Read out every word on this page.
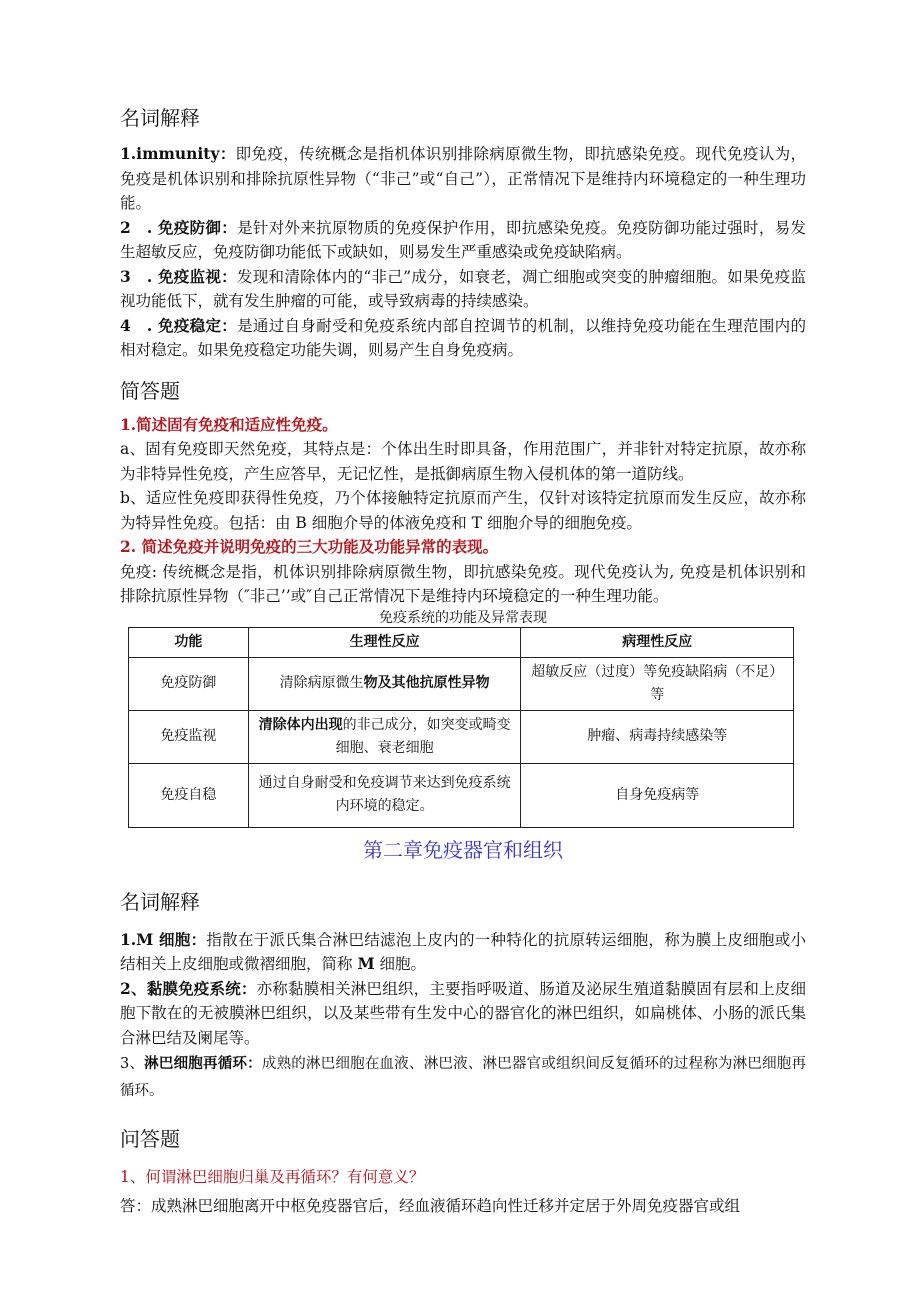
名词解释

1.immunity：即免疫，传统概念是指机体识别排除病原微生物，即抗感染免疫。现代免疫认为，免疫是机体识别和排除抗原性异物（“非己”或“自己”），正常情况下是维持内环境稳定的一种生理功能。

2　. 免疫防御：是针对外来抗原物质的免疫保护作用，即抗感染免疫。免疫防御功能过强时，易发生超敏反应，免疫防御功能低下或缺如，则易发生严重感染或免疫缺陷病。

3　. 免疫监视：发现和清除体内的“非己”成分，如衰老，凋亡细胞或突变的肿瘤细胞。如果免疫监视功能低下，就有发生肿瘤的可能，或导致病毒的持续感染。

4　. 免疫稳定：是通过自身耐受和免疫系统内部自控调节的机制，以维持免疫功能在生理范围内的相对稳定。如果免疫稳定功能失调，则易产生自身免疫病。

简答题

1.简述固有免疫和适应性免疫。

a、固有免疫即天然免疫，其特点是：个体出生时即具备，作用范围广，并非针对特定抗原，故亦称为非特异性免疫，产生应答早，无记忆性，是抵御病原生物入侵机体的第一道防线。

b、适应性免疫即获得性免疫，乃个体接触特定抗原而产生，仅针对该特定抗原而发生反应，故亦称为特异性免疫。包括：由 B 细胞介导的体液免疫和 T 细胞介导的细胞免疫。

2. 简述免疫并说明免疫的三大功能及功能异常的表现。

免疫: 传统概念是指，机体识别排除病原微生物，即抗感染免疫。现代免疫认为, 免疫是机体识别和排除抗原性异物（″非己’’或″自己正常情况下是维持内环境稳定的一种生理功能。

免疫系统的功能及异常表现
功能	生理性反应	病理性反应
免疫防御	清除病原微生物及其他抗原性异物	超敏反应（过度）等免疫缺陷病（不足）等
免疫监视	清除体内出现的非己成分，如突变或畸变细胞、衰老细胞	肿瘤、病毒持续感染等
免疫自稳	通过自身耐受和免疫调节来达到免疫系统内环境的稳定。	自身免疫病等
第二章免疫器官和组织
名词解释

1.M 细胞：指散在于派氏集合淋巴结滤泡上皮内的一种特化的抗原转运细胞，称为膜上皮细胞或小结相关上皮细胞或微褶细胞，简称 M 细胞。

2、黏膜免疫系统：亦称黏膜相关淋巴组织，主要指呼吸道、肠道及泌尿生殖道黏膜固有层和上皮细胞下散在的无被膜淋巴组织，以及某些带有生发中心的器官化的淋巴组织，如扁桃体、小肠的派氏集合淋巴结及阑尾等。

3、淋巴细胞再循环：成熟的淋巴细胞在血液、淋巴液、淋巴器官或组织间反复循环的过程称为淋巴细胞再循环。

问答题

1、何谓淋巴细胞归巢及再循环？有何意义？

答：成熟淋巴细胞离开中枢免疫器官后，经血液循环趋向性迁移并定居于外周免疫器官或组
